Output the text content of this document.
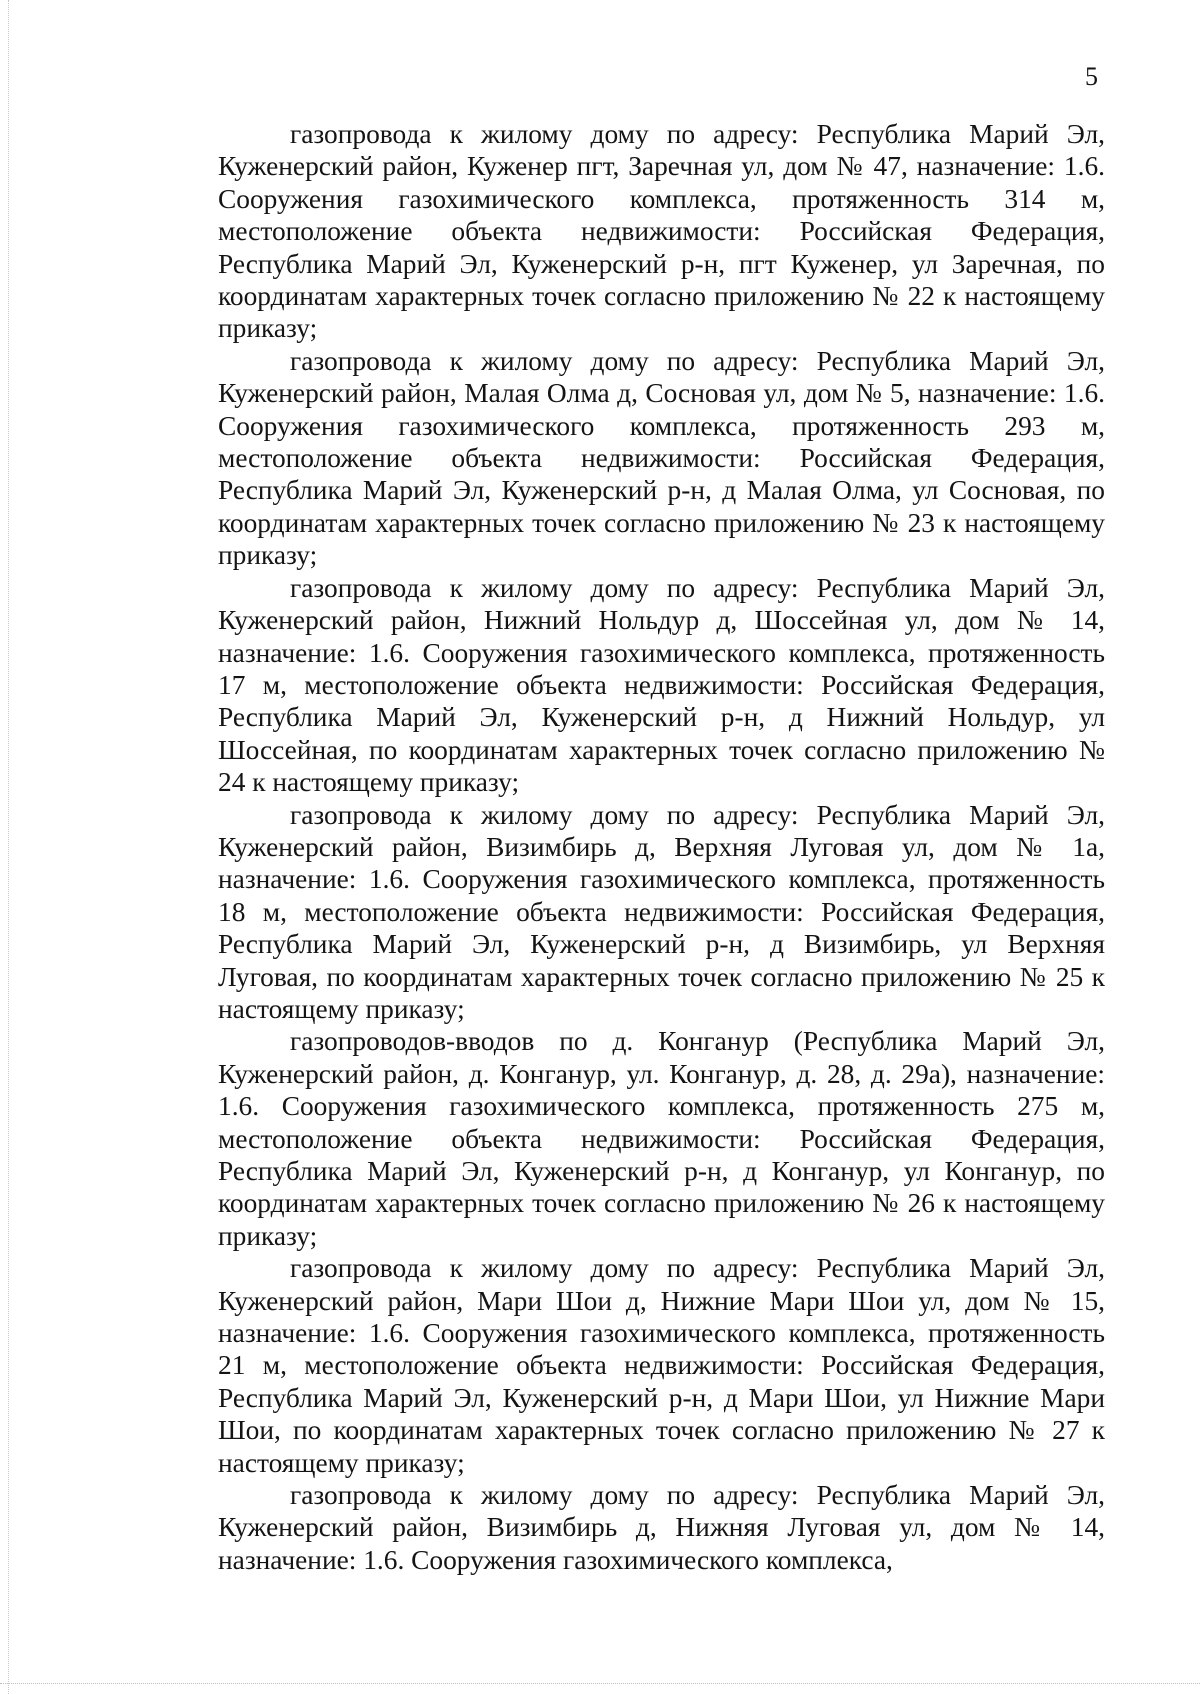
5

газопровода к жилому дому по адресу: Республика Марий Эл, Куженерский район, Куженер пгт, Заречная ул, дом № 47, назначение: 1.6. Сооружения газохимического комплекса, протяженность 314 м, местоположение объекта недвижимости: Российская Федерация, Республика Марий Эл, Куженерский р-н, пгт Куженер, ул Заречная, по координатам характерных точек согласно приложению № 22 к настоящему приказу;

газопровода к жилому дому по адресу: Республика Марий Эл, Куженерский район, Малая Олма д, Сосновая ул, дом № 5, назначение: 1.6. Сооружения газохимического комплекса, протяженность 293 м, местоположение объекта недвижимости: Российская Федерация, Республика Марий Эл, Куженерский р-н, д Малая Олма, ул Сосновая, по координатам характерных точек согласно приложению № 23 к настоящему приказу;

газопровода к жилому дому по адресу: Республика Марий Эл, Куженерский район, Нижний Нольдур д, Шоссейная ул, дом № 14, назначение: 1.6. Сооружения газохимического комплекса, протяженность 17 м, местоположение объекта недвижимости: Российская Федерация, Республика Марий Эл, Куженерский р-н, д Нижний Нольдур, ул Шоссейная, по координатам характерных точек согласно приложению № 24 к настоящему приказу;

газопровода к жилому дому по адресу: Республика Марий Эл, Куженерский район, Визимбирь д, Верхняя Луговая ул, дом № 1а, назначение: 1.6. Сооружения газохимического комплекса, протяженность 18 м, местоположение объекта недвижимости: Российская Федерация, Республика Марий Эл, Куженерский р-н, д Визимбирь, ул Верхняя Луговая, по координатам характерных точек согласно приложению № 25 к настоящему приказу;

газопроводов-вводов по д. Конганур (Республика Марий Эл, Куженерский район, д. Конганур, ул. Конганур, д. 28, д. 29а), назначение: 1.6. Сооружения газохимического комплекса, протяженность 275 м, местоположение объекта недвижимости: Российская Федерация, Республика Марий Эл, Куженерский р-н, д Конганур, ул Конганур, по координатам характерных точек согласно приложению № 26 к настоящему приказу;

газопровода к жилому дому по адресу: Республика Марий Эл, Куженерский район, Мари Шои д, Нижние Мари Шои ул, дом № 15, назначение: 1.6. Сооружения газохимического комплекса, протяженность 21 м, местоположение объекта недвижимости: Российская Федерация, Республика Марий Эл, Куженерский р-н, д Мари Шои, ул Нижние Мари Шои, по координатам характерных точек согласно приложению № 27 к настоящему приказу;

газопровода к жилому дому по адресу: Республика Марий Эл, Куженерский район, Визимбирь д, Нижняя Луговая ул, дом № 14, назначение: 1.6. Сооружения газохимического комплекса,
